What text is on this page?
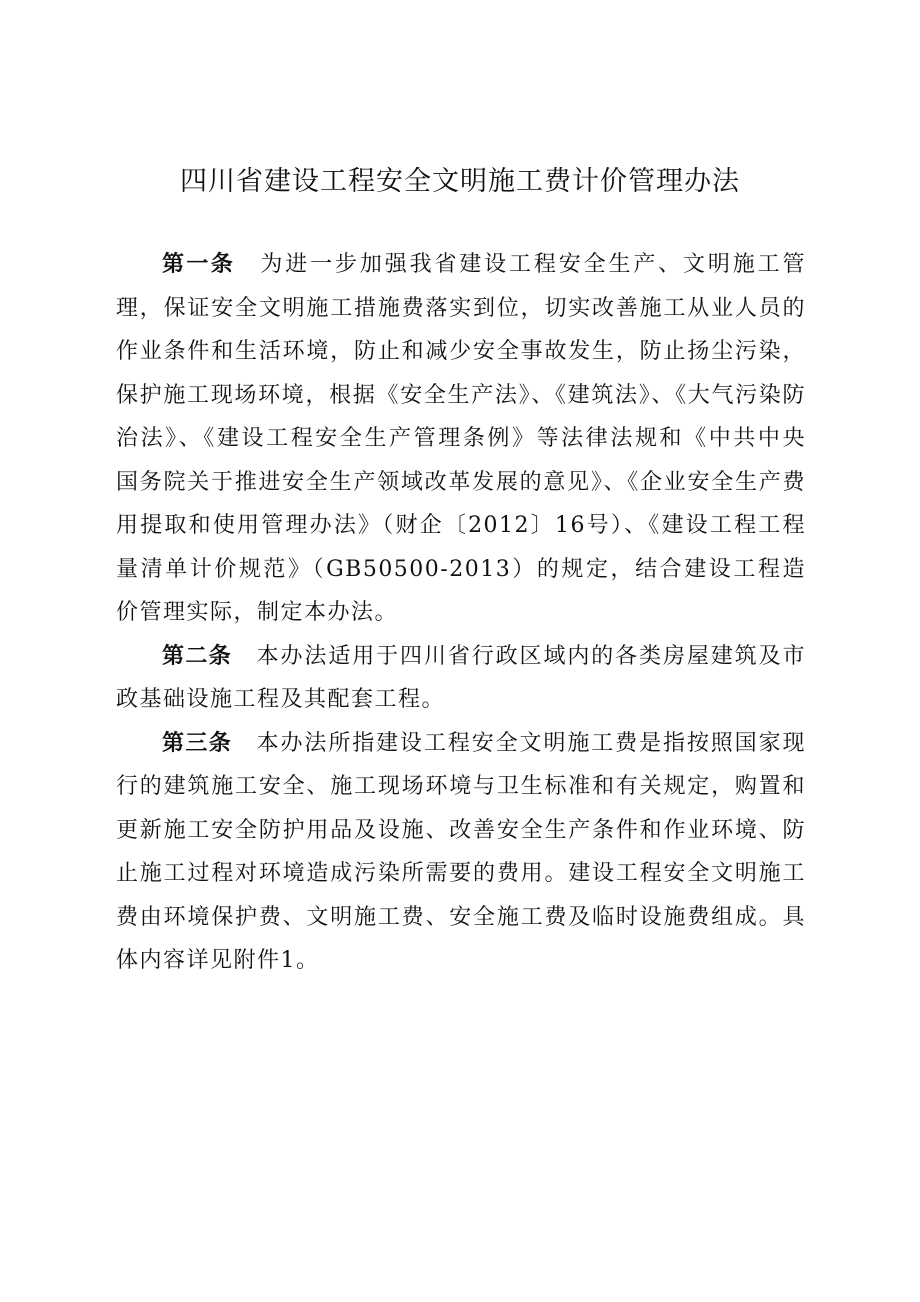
四川省建设工程安全文明施工费计价管理办法

第一条 为进一步加强我省建设工程安全生产、文明施工管理，保证安全文明施工措施费落实到位，切实改善施工从业人员的作业条件和生活环境，防止和减少安全事故发生，防止扬尘污染，保护施工现场环境，根据《安全生产法》、《建筑法》、《大气污染防治法》、《建设工程安全生产管理条例》等法律法规和《中共中央 国务院关于推进安全生产领域改革发展的意见》、《企业安全生产费用提取和使用管理办法》（财企〔2012〕16号）、《建设工程工程量清单计价规范》（GB50500-2013）的规定，结合建设工程造价管理实际，制定本办法。

第二条 本办法适用于四川省行政区域内的各类房屋建筑及市政基础设施工程及其配套工程。

第三条 本办法所指建设工程安全文明施工费是指按照国家现行的建筑施工安全、施工现场环境与卫生标准和有关规定，购置和更新施工安全防护用品及设施、改善安全生产条件和作业环境、防止施工过程对环境造成污染所需要的费用。建设工程安全文明施工费由环境保护费、文明施工费、安全施工费及临时设施费组成。具体内容详见附件1。
